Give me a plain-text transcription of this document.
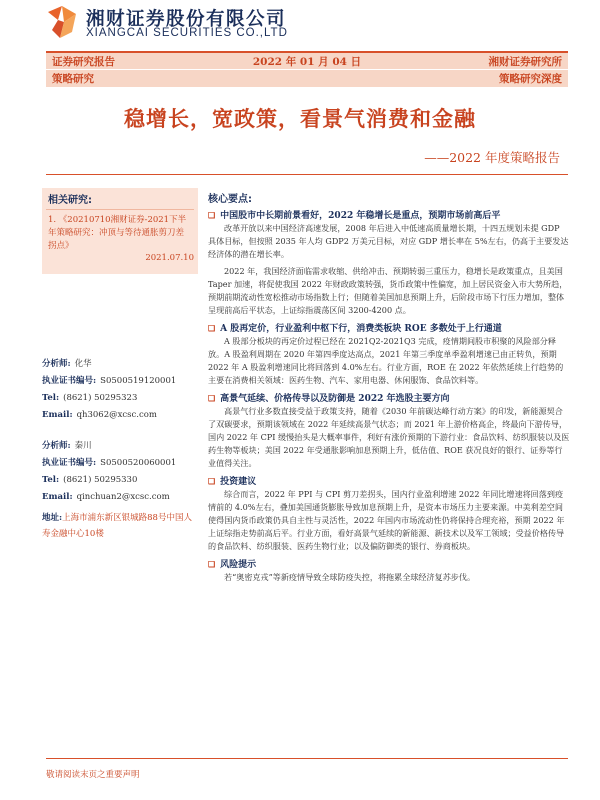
湘财证券股份有限公司
XIANGCAI SECURITIES CO.,LTD
证券研究报告	2022 年 01 月 04 日	湘财证券研究所
策略研究	策略研究深度
稳增长，宽政策，看景气消费和金融
——2022 年度策略报告
相关研究:
1. 《20210710湘财证券-2021下半年策略研究：冲顶与等待通胀剪刀差拐点》
2021.07.10
分析师: 化华
执业证书编号: S0500519120001
Tel: (8621) 50295323
Email: qh3062@xcsc.com
分析师: 秦川
执业证书编号: S0500520060001
Tel: (8621) 50295330
Email: qinchuan2@xcsc.com
地址:上海市浦东新区银城路88号中国人寿金融中心10楼
核心要点:
❑ 中国股市中长期前景看好，2022 年稳增长是重点，预期市场前高后平

改革开放以来中国经济高速发展，2008 年后进入中低速高质量增长期，十四五规划未提 GDP 具体目标，但按照 2035 年人均 GDP2 万美元目标，对应 GDP 增长率在 5%左右，仍高于主要发达经济体的潜在增长率。

2022 年，我国经济面临需求收缩、供给冲击、预期转弱三重压力，稳增长是政策重点，且美国 Taper 加速，将促使我国 2022 年财政政策转强，货币政策中性偏宽，加上居民资金入市大势所趋，预期前期流动性宽松推动市场指数上行；但随着美国加息预期上升，后阶段市场下行压力增加，整体呈现前高后平状态，上证综指震荡区间 3200-4200 点。

❑ A 股再定价，行业盈利中枢下行，消费类板块 ROE 多数处于上行通道

A 股部分板块的再定价过程已经在 2021Q2-2021Q3 完成，疫情期间股市积聚的风险部分释放。A 股盈利周期在 2020 年第四季度达高点，2021 年第三季度单季盈利增速已由正转负，预期 2022 年 A 股盈利增速同比将回落到 4.0%左右。行业方面，ROE 在 2022 年依然延续上行趋势的主要在消费相关领域：医药生物、汽车、家用电器、休闲服饰、食品饮料等。

❑ 高景气延续、价格传导以及防御是 2022 年选股主要方向

高景气行业多数直接受益于政策支持，随着《2030 年前碳达峰行动方案》的印发，新能源契合了双碳要求，预期该领域在 2022 年延续高景气状态；而 2021 年上游价格高企，终最向下游传导，国内 2022 年 CPI 缓慢抬头是大概率事件，利好有涨价预期的下游行业：食品饮料、纺织服装以及医药生物等板块；美国 2022 年受通胀影响加息预期上升，低估值、ROE 获况良好的银行、证券等行业值得关注。

❑ 投资建议

综合而言，2022 年 PPI 与 CPI 剪刀差拐头，国内行业盈利增速 2022 年同比增速将回落到疫情前的 4.0%左右，叠加美国通货膨胀导致加息预期上升，是资本市场压力主要来源。中美利差空间使得国内货币政策仍具自主性与灵活性，2022 年国内市场流动性仍将保持合理充裕，预期 2022 年上证综指走势前高后平。行业方面，看好高景气延续的新能源、新技术以及军工领域；受益价格传导的食品饮料、纺织服装、医药生物行业；以及偏防御类的银行、券商板块。

❑ 风险提示

若“奥密克戎”等新疫情导致全球防疫失控，将拖累全球经济复苏步伐。

敬请阅读末页之重要声明
